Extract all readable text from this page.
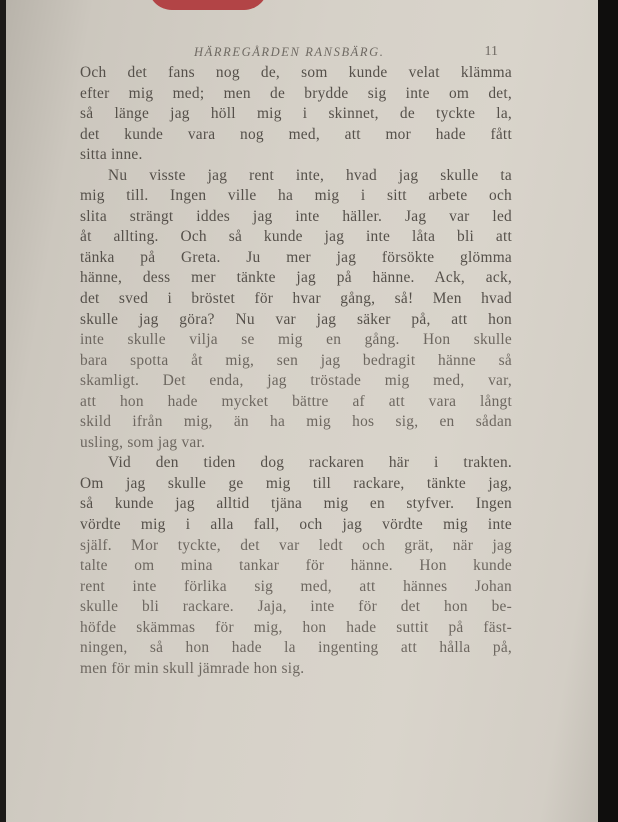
HÄRREGÅRDEN RANSBÄRG.	11
Och det fans nog de, som kunde velat klämma
efter mig med; men de brydde sig inte om det,
så länge jag höll mig i skinnet, de tyckte la,
det kunde vara nog med, att mor hade fått
sitta inne.
Nu visste jag rent inte, hvad jag skulle ta
mig till. Ingen ville ha mig i sitt arbete och
slita strängt iddes jag inte häller. Jag var led
åt allting. Och så kunde jag inte låta bli att
tänka på Greta. Ju mer jag försökte glömma
hänne, dess mer tänkte jag på hänne. Ack, ack,
det sved i bröstet för hvar gång, så! Men hvad
skulle jag göra? Nu var jag säker på, att hon
inte skulle vilja se mig en gång. Hon skulle
bara spotta åt mig, sen jag bedragit hänne så
skamligt. Det enda, jag tröstade mig med, var,
att hon hade mycket bättre af att vara långt
skild ifrån mig, än ha mig hos sig, en sådan
usling, som jag var.
Vid den tiden dog rackaren här i trakten.
Om jag skulle ge mig till rackare, tänkte jag,
så kunde jag alltid tjäna mig en styfver. Ingen
vördte mig i alla fall, och jag vördte mig inte
själf. Mor tyckte, det var ledt och grät, när jag
talte om mina tankar för hänne. Hon kunde
rent inte förlika sig med, att hännes Johan
skulle bli rackare. Jaja, inte för det hon be-
höfde skämmas för mig, hon hade suttit på fäst-
ningen, så hon hade la ingenting att hålla på,
men för min skull jämrade hon sig.
